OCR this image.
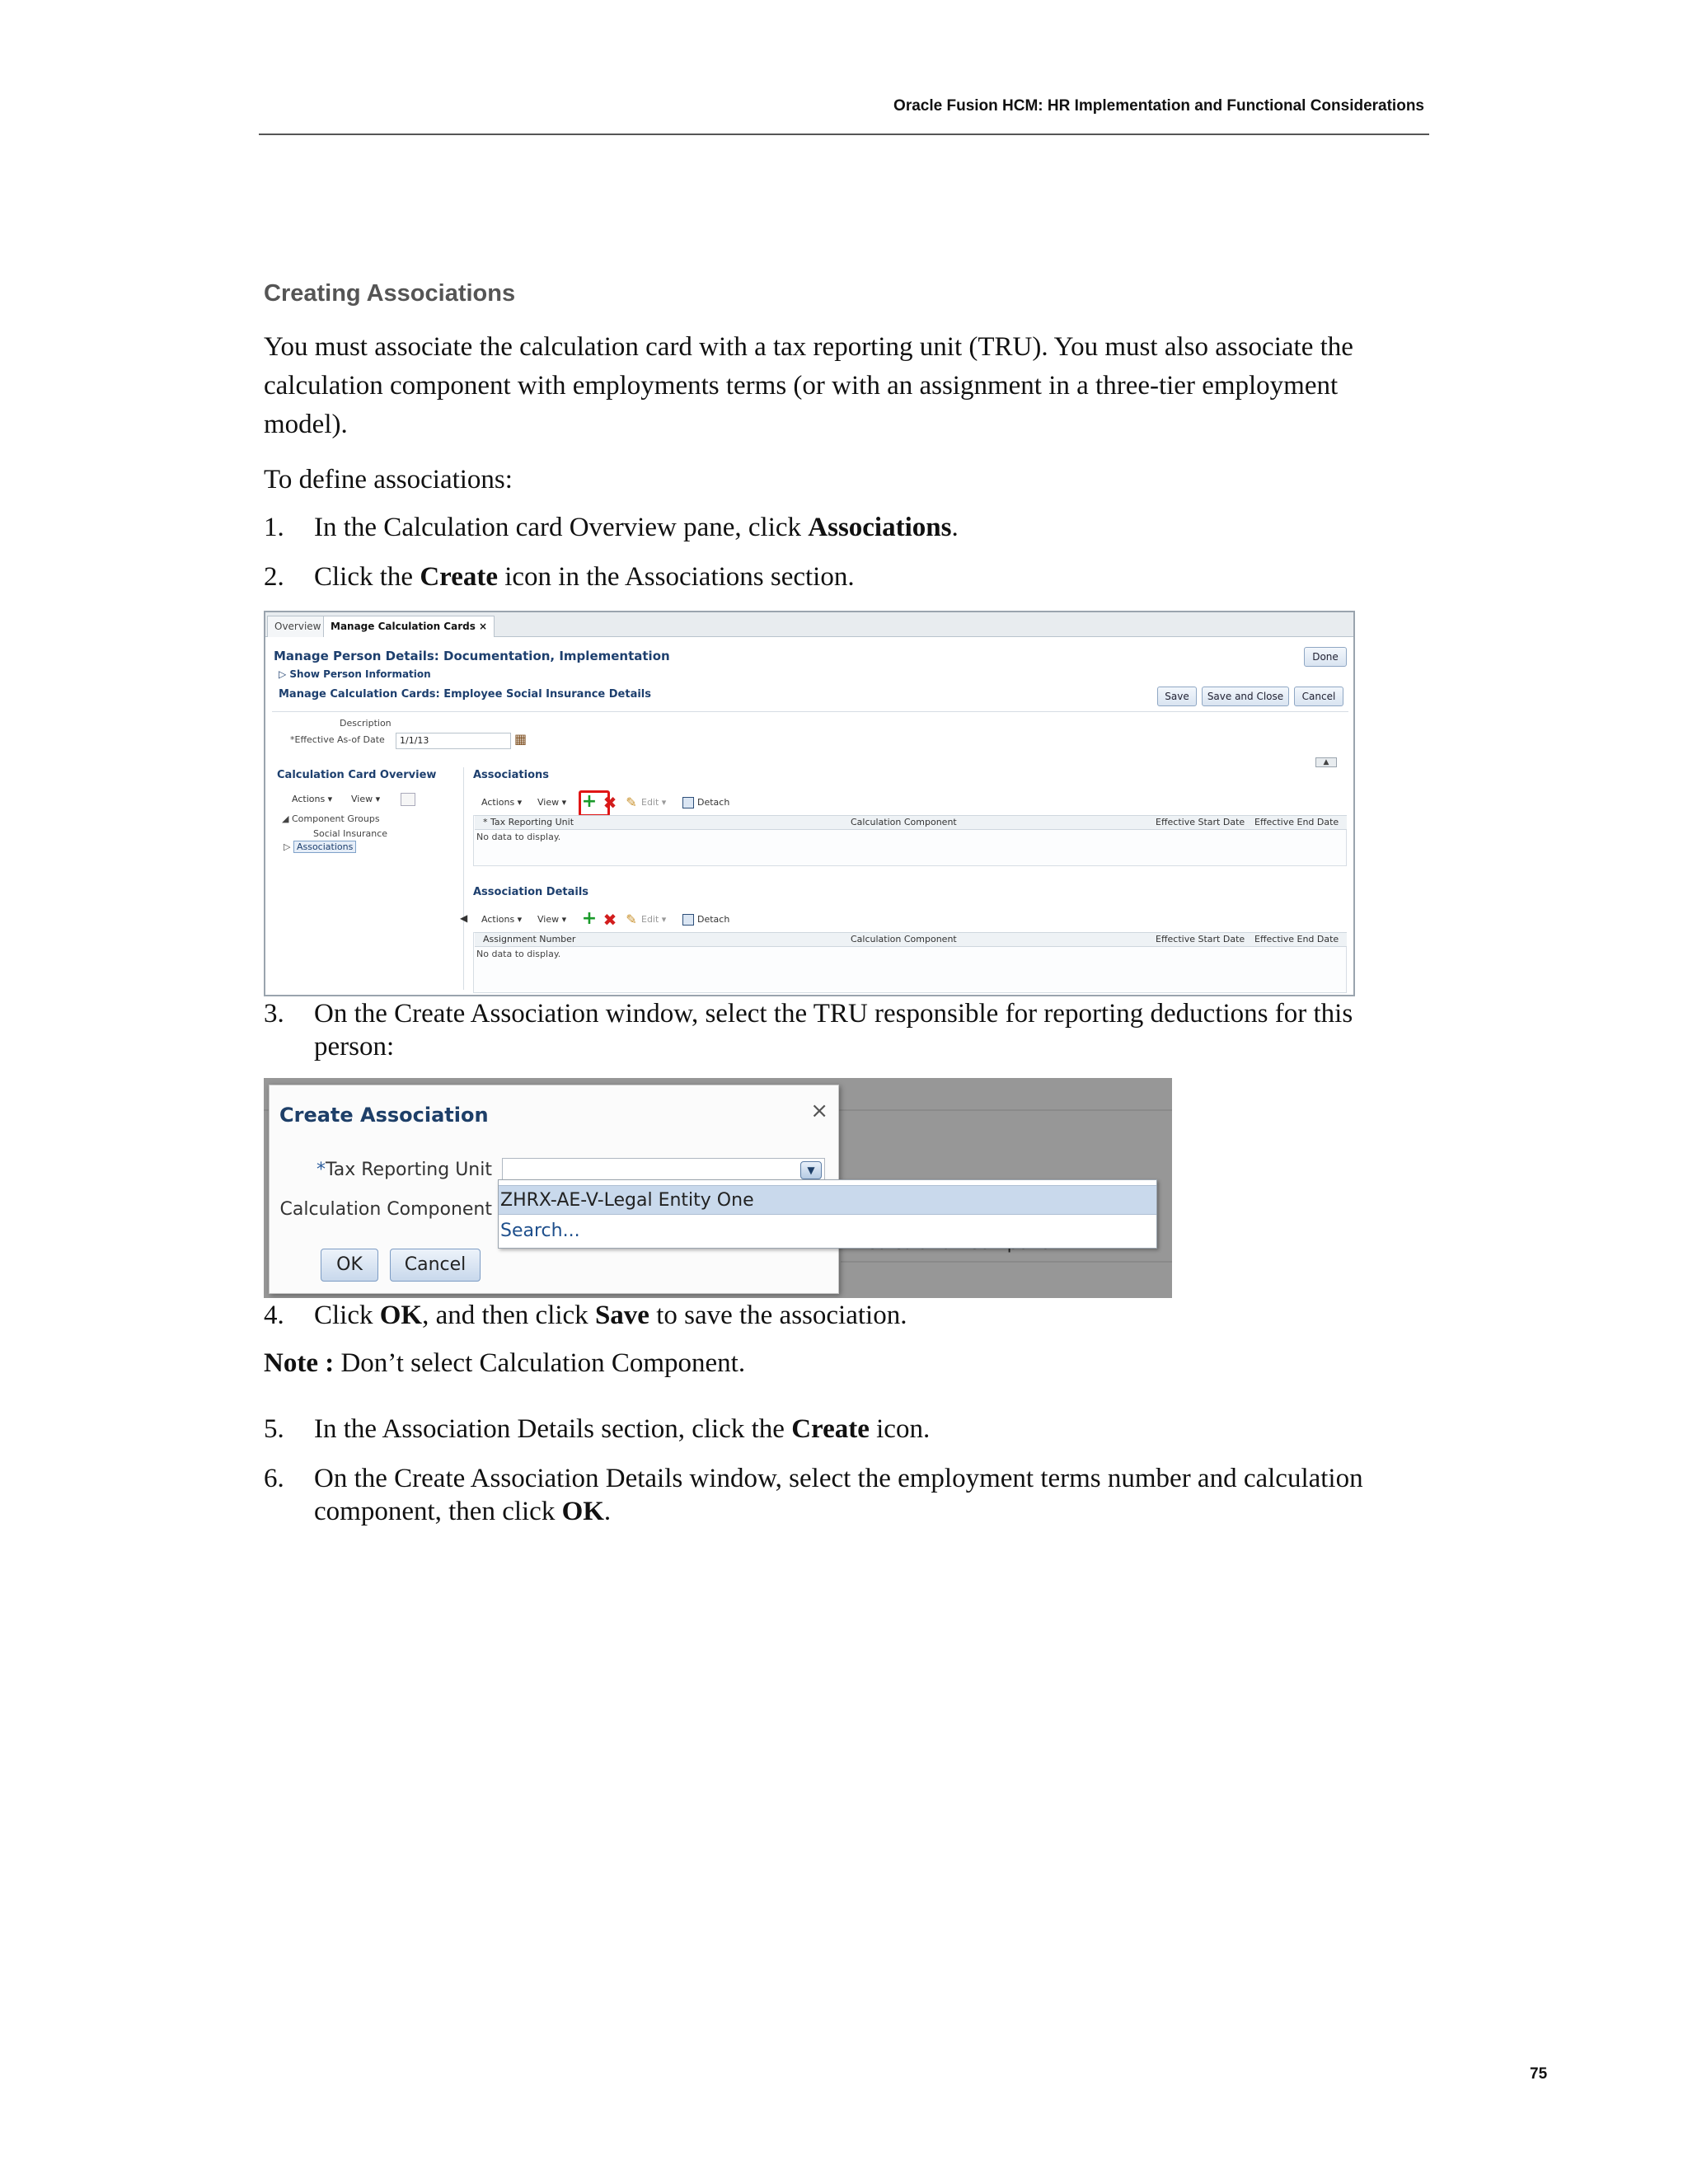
Oracle Fusion HCM: HR Implementation and Functional Considerations
Creating Associations
You must associate the calculation card with a tax reporting unit (TRU). You must also associate the
calculation component with employments terms (or with an assignment in a three-tier employment
model).
To define associations:
1. In the Calculation card Overview pane, click Associations.
2. Click the Create icon in the Associations section.
Overview Manage Calculation Cards ×
Manage Person Details: Documentation, Implementation
▷ Show Person Information
Manage Calculation Cards: Employee Social Insurance Details
Done
Save	Save and Close	Cancel
Description
*Effective As-of Date	1/1/13	▦
▲
Calculation Card Overview
Actions ▾ View ▾
◢ Component Groups
Social Insurance
▷ Associations
Associations
Actions ▾ View ▾ + ✖ ✎ Edit ▾	Detach
* Tax Reporting Unit	Calculation Component	Effective Start Date Effective End Date
No data to display.
Association Details
◀ Actions ▾ View ▾ + ✖ ✎ Edit ▾	Detach
Assignment Number	Calculation Component	Effective Start Date Effective End Date
No data to display.
3. On the Create Association window, select the TRU responsible for reporting deductions for this
person:
Create Association	×
*Tax Reporting Unit
Calculation Component
▼
OK	Cancel
ZHRX-AE-V-Legal Entity One
Search...
4. Click OK, and then click Save to save the association.
Note : Don’t select Calculation Component.
5. In the Association Details section, click the Create icon.
6. On the Create Association Details window, select the employment terms number and calculation
component, then click OK.
75
